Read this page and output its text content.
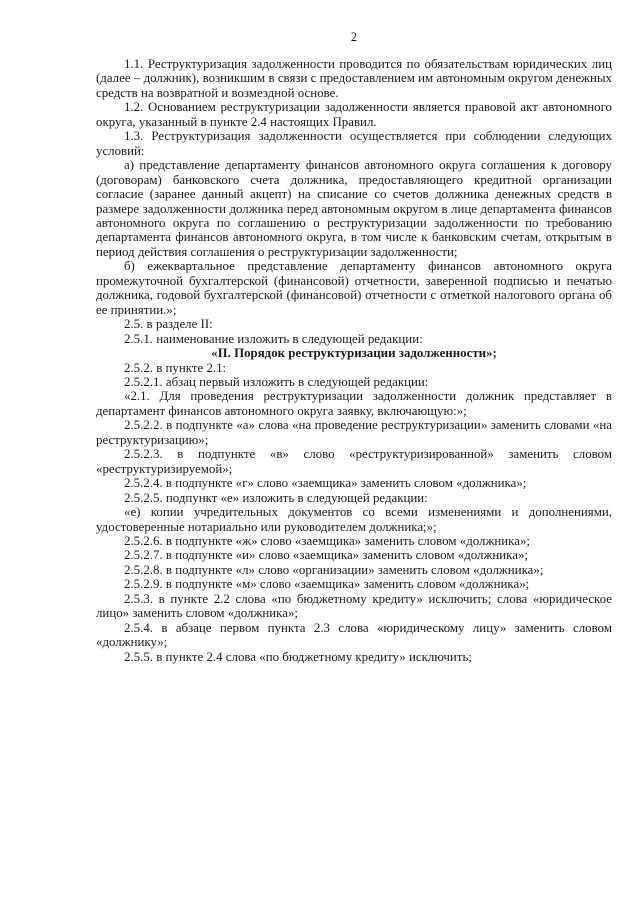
2

1.1. Реструктуризация задолженности проводится по обязательствам юридических лиц (далее – должник), возникшим в связи с предоставлением им автономным округом денежных средств на возвратной и возмездной основе.

1.2. Основанием реструктуризации задолженности является правовой акт автономного округа, указанный в пункте 2.4 настоящих Правил.

1.3. Реструктуризация задолженности осуществляется при соблюдении следующих условий:

а) представление департаменту финансов автономного округа соглашения к договору (договорам) банковского счета должника, предоставляющего кредитной организации согласие (заранее данный акцепт) на списание со счетов должника денежных средств в размере задолженности должника перед автономным округом в лице департамента финансов автономного округа по соглашению о реструктуризации задолженности по требованию департамента финансов автономного округа, в том числе к банковским счетам, открытым в период действия соглашения о реструктуризации задолженности;

б) ежеквартальное представление департаменту финансов автономного округа промежуточной бухгалтерской (финансовой) отчетности, заверенной подписью и печатью должника, годовой бухгалтерской (финансовой) отчетности с отметкой налогового органа об ее принятии.»;

2.5. в разделе II:

2.5.1. наименование изложить в следующей редакции:

«II. Порядок реструктуризации задолженности»;

2.5.2. в пункте 2.1:

2.5.2.1. абзац первый изложить в следующей редакции:

«2.1. Для проведения реструктуризации задолженности должник представляет в департамент финансов автономного округа заявку, включающую:»;

2.5.2.2. в подпункте «а» слова «на проведение реструктуризации» заменить словами «на реструктуризацию»;

2.5.2.3. в подпункте «в» слово «реструктуризированной» заменить словом «реструктуризируемой»;

2.5.2.4. в подпункте «г» слово «заемщика» заменить словом «должника»;

2.5.2.5. подпункт «е» изложить в следующей редакции:

«е) копии учредительных документов со всеми изменениями и дополнениями, удостоверенные нотариально или руководителем должника;»;

2.5.2.6. в подпункте «ж» слово «заемщика» заменить словом «должника»;

2.5.2.7. в подпункте «и» слово «заемщика» заменить словом «должника»;

2.5.2.8. в подпункте «л» слово «организации» заменить словом «должника»;

2.5.2.9. в подпункте «м» слово «заемщика» заменить словом «должника»;

2.5.3. в пункте 2.2 слова «по бюджетному кредиту» исключить; слова «юридическое лицо» заменить словом «должника»;

2.5.4. в абзаце первом пункта 2.3 слова «юридическому лицу» заменить словом «должнику»;

2.5.5. в пункте 2.4 слова «по бюджетному кредиту» исключить;
